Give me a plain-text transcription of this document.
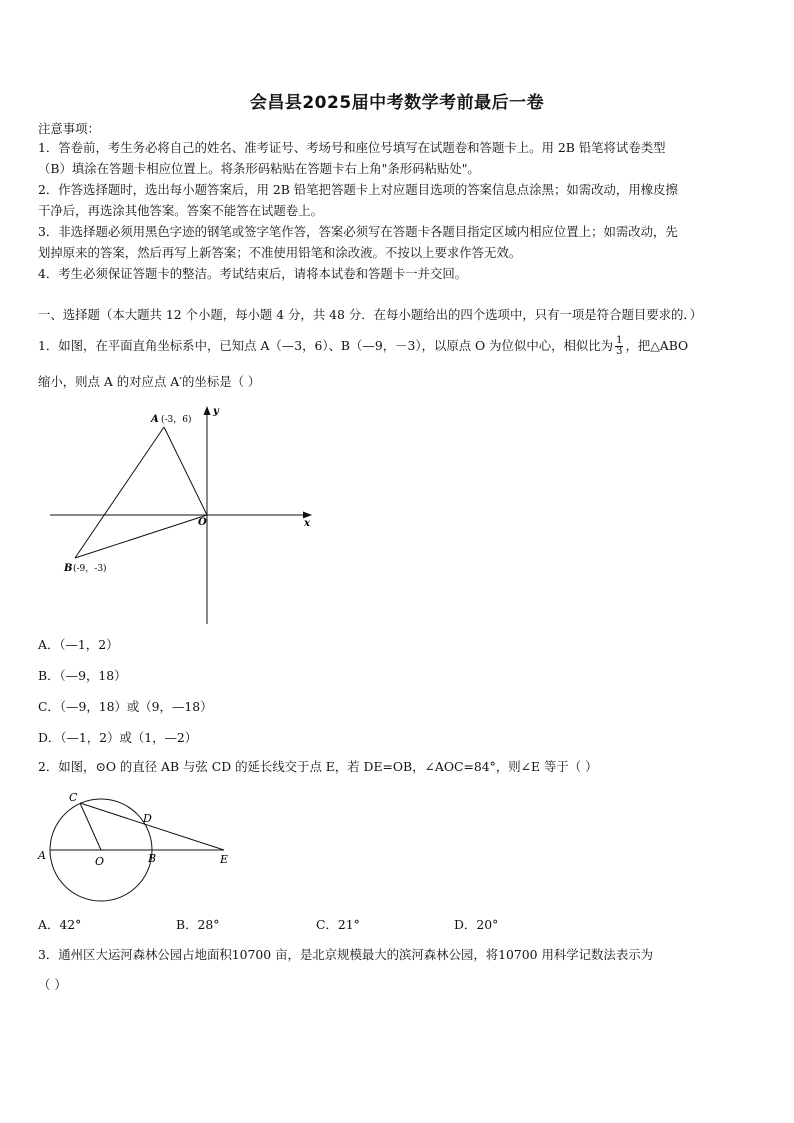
会昌县2025届中考数学考前最后一卷
注意事项：
1．答卷前，考生务必将自己的姓名、准考证号、考场号和座位号填写在试题卷和答题卡上。用 2B 铅笔将试卷类型
（B）填涂在答题卡相应位置上。将条形码粘贴在答题卡右上角"条形码粘贴处"。
2．作答选择题时，选出每小题答案后，用 2B 铅笔把答题卡上对应题目选项的答案信息点涂黑；如需改动，用橡皮擦
干净后，再选涂其他答案。答案不能答在试题卷上。
3．非选择题必须用黑色字迹的钢笔或签字笔作答，答案必须写在答题卡各题目指定区域内相应位置上；如需改动，先
划掉原来的答案，然后再写上新答案；不准使用铅笔和涂改液。不按以上要求作答无效。
4．考生必须保证答题卡的整洁。考试结束后，请将本试卷和答题卡一并交回。
一、选择题（本大题共 12 个小题，每小题 4 分，共 48 分．在每小题给出的四个选项中，只有一项是符合题目要求的．）
1．如图，在平面直角坐标系中，已知点 A（—3，6）、B（—9，－3），以原点 O 为位似中心，相似比为 $\frac{1}{3}$ ，把△ABO
缩小，则点 A 的对应点 A′的坐标是（ ）
A (-3，6)
B (-9，-3)
O	x
y
A．（—1，2）
B．（—9，18）
C．（—9，18）或（9，—18）
D．（—1，2）或（1，—2）
2．如图，⊙O 的直径 AB 与弦 CD 的延长线交于点 E，若 DE=OB，∠AOC=84°，则∠E 等于（ ）
A	O	B
C
D
E
A．42°	B．28°	C．21°	D．20°
3．通州区大运河森林公园占地面积10700 亩，是北京规模最大的滨河森林公园，将10700 用科学记数法表示为
（ ）
